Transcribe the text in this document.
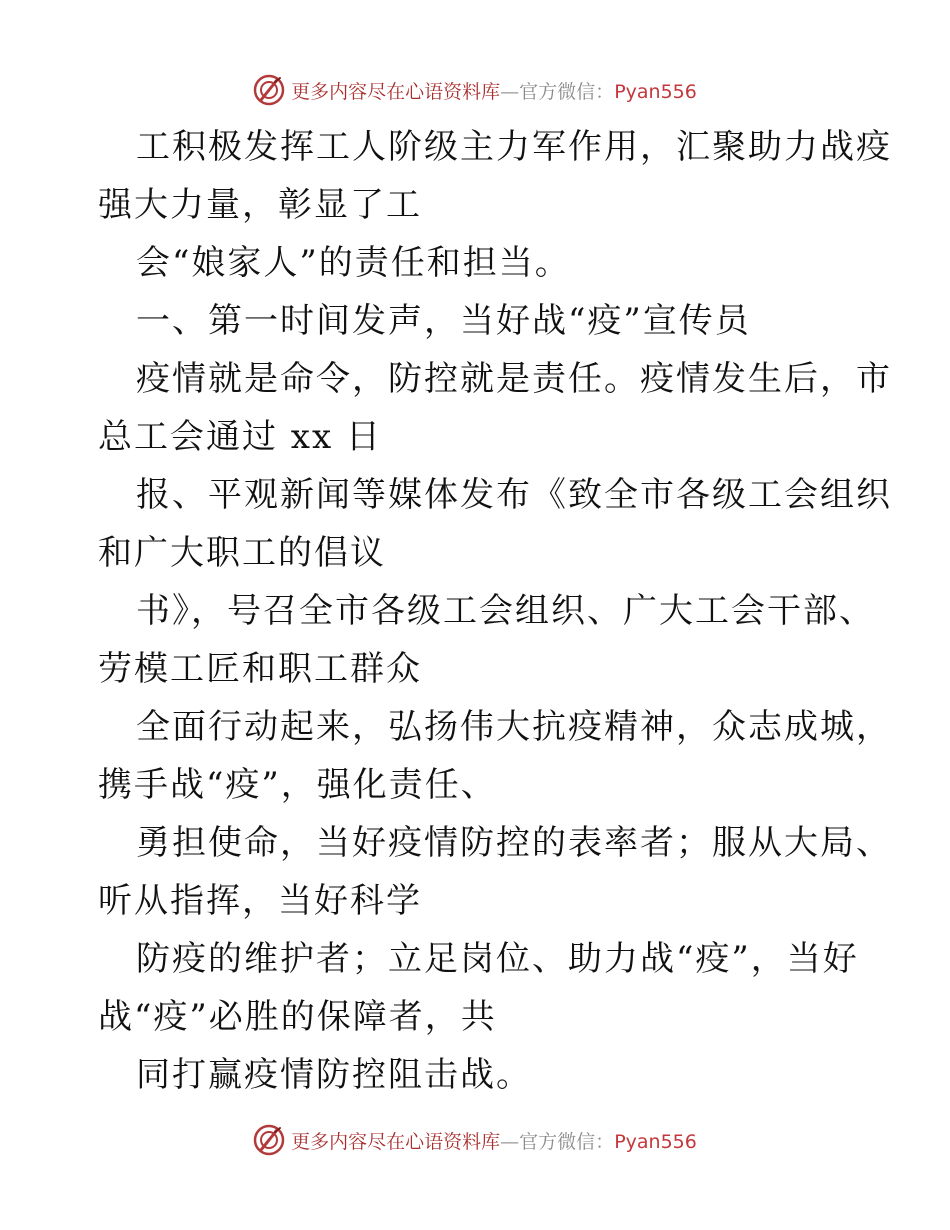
更多内容尽在心语资料库—官方微信：Pyan556
工积极发挥工人阶级主力军作用，汇聚助力战疫
强大力量，彰显了工
会“娘家人”的责任和担当。
一、第一时间发声，当好战“疫”宣传员
疫情就是命令，防控就是责任。疫情发生后，市
总工会通过 xx 日
报、平观新闻等媒体发布《致全市各级工会组织
和广大职工的倡议
书》，号召全市各级工会组织、广大工会干部、
劳模工匠和职工群众
全面行动起来，弘扬伟大抗疫精神，众志成城，
携手战“疫”，强化责任、
勇担使命，当好疫情防控的表率者；服从大局、
听从指挥，当好科学
防疫的维护者；立足岗位、助力战“疫”，当好
战“疫”必胜的保障者，共
同打赢疫情防控阻击战。
更多内容尽在心语资料库—官方微信：Pyan556
